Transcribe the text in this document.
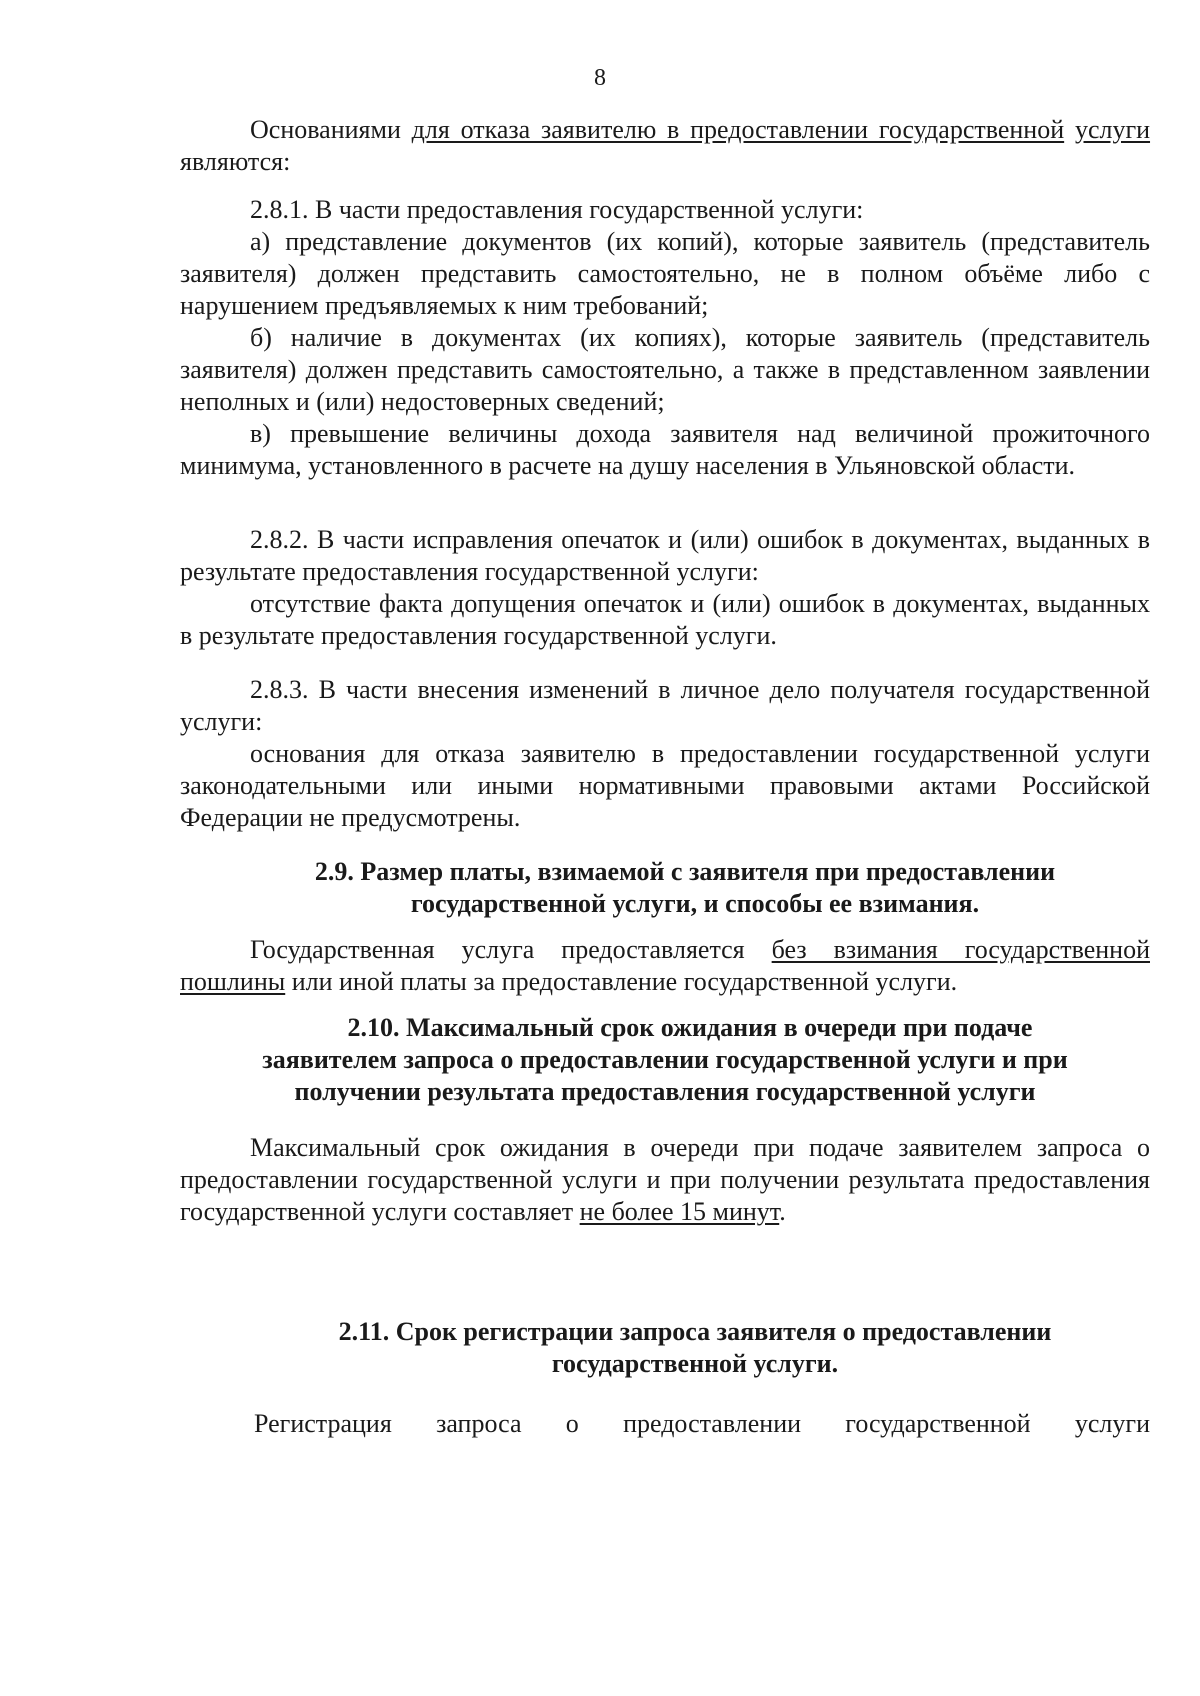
8

Основаниями для отказа заявителю в предоставлении государственной услуги являются:

2.8.1. В части предоставления государственной услуги:

а) представление документов (их копий), которые заявитель (представитель заявителя) должен представить самостоятельно, не в полном объёме либо с нарушением предъявляемых к ним требований;

б) наличие в документах (их копиях), которые заявитель (представитель заявителя) должен представить самостоятельно, а также в представленном заявлении неполных и (или) недостоверных сведений;

в) превышение величины дохода заявителя над величиной прожиточного минимума, установленного в расчете на душу населения в Ульяновской области.

2.8.2. В части исправления опечаток и (или) ошибок в документах, выданных в результате предоставления государственной услуги:

отсутствие факта допущения опечаток и (или) ошибок в документах, выданных в результате предоставления государственной услуги.

2.8.3. В части внесения изменений в личное дело получателя государственной услуги:

основания для отказа заявителю в предоставлении государственной услуги законодательными или иными нормативными правовыми актами Российской Федерации не предусмотрены.

2.9. Размер платы, взимаемой с заявителя при предоставлении

государственной услуги, и способы ее взимания.

Государственная услуга предоставляется без взимания государственной пошлины или иной платы за предоставление государственной услуги.

2.10. Максимальный срок ожидания в очереди при подаче

заявителем запроса о предоставлении государственной услуги и при

получении результата предоставления государственной услуги

Максимальный срок ожидания в очереди при подаче заявителем запроса о предоставлении государственной услуги и при получении результата предоставления государственной услуги составляет не более 15 минут.

2.11. Срок регистрации запроса заявителя о предоставлении

государственной услуги.

Регистрация запроса о предоставлении государственной услуги
